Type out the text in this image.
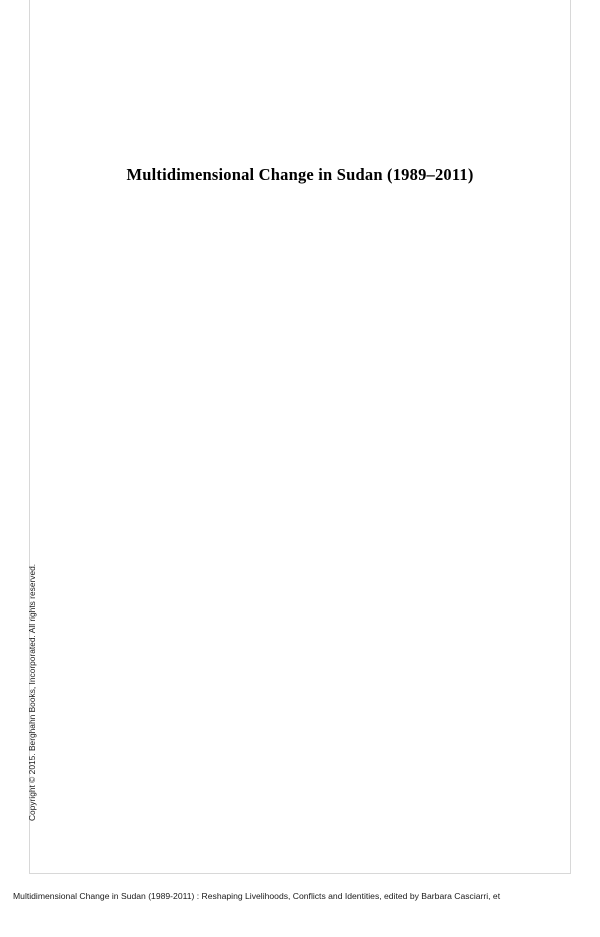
Multidimensional Change in Sudan (1989–2011)
Copyright © 2015. Berghahn Books, Incorporated. All rights reserved.
Multidimensional Change in Sudan (1989-2011) : Reshaping Livelihoods, Conflicts and Identities, edited by Barbara Casciarri, et
